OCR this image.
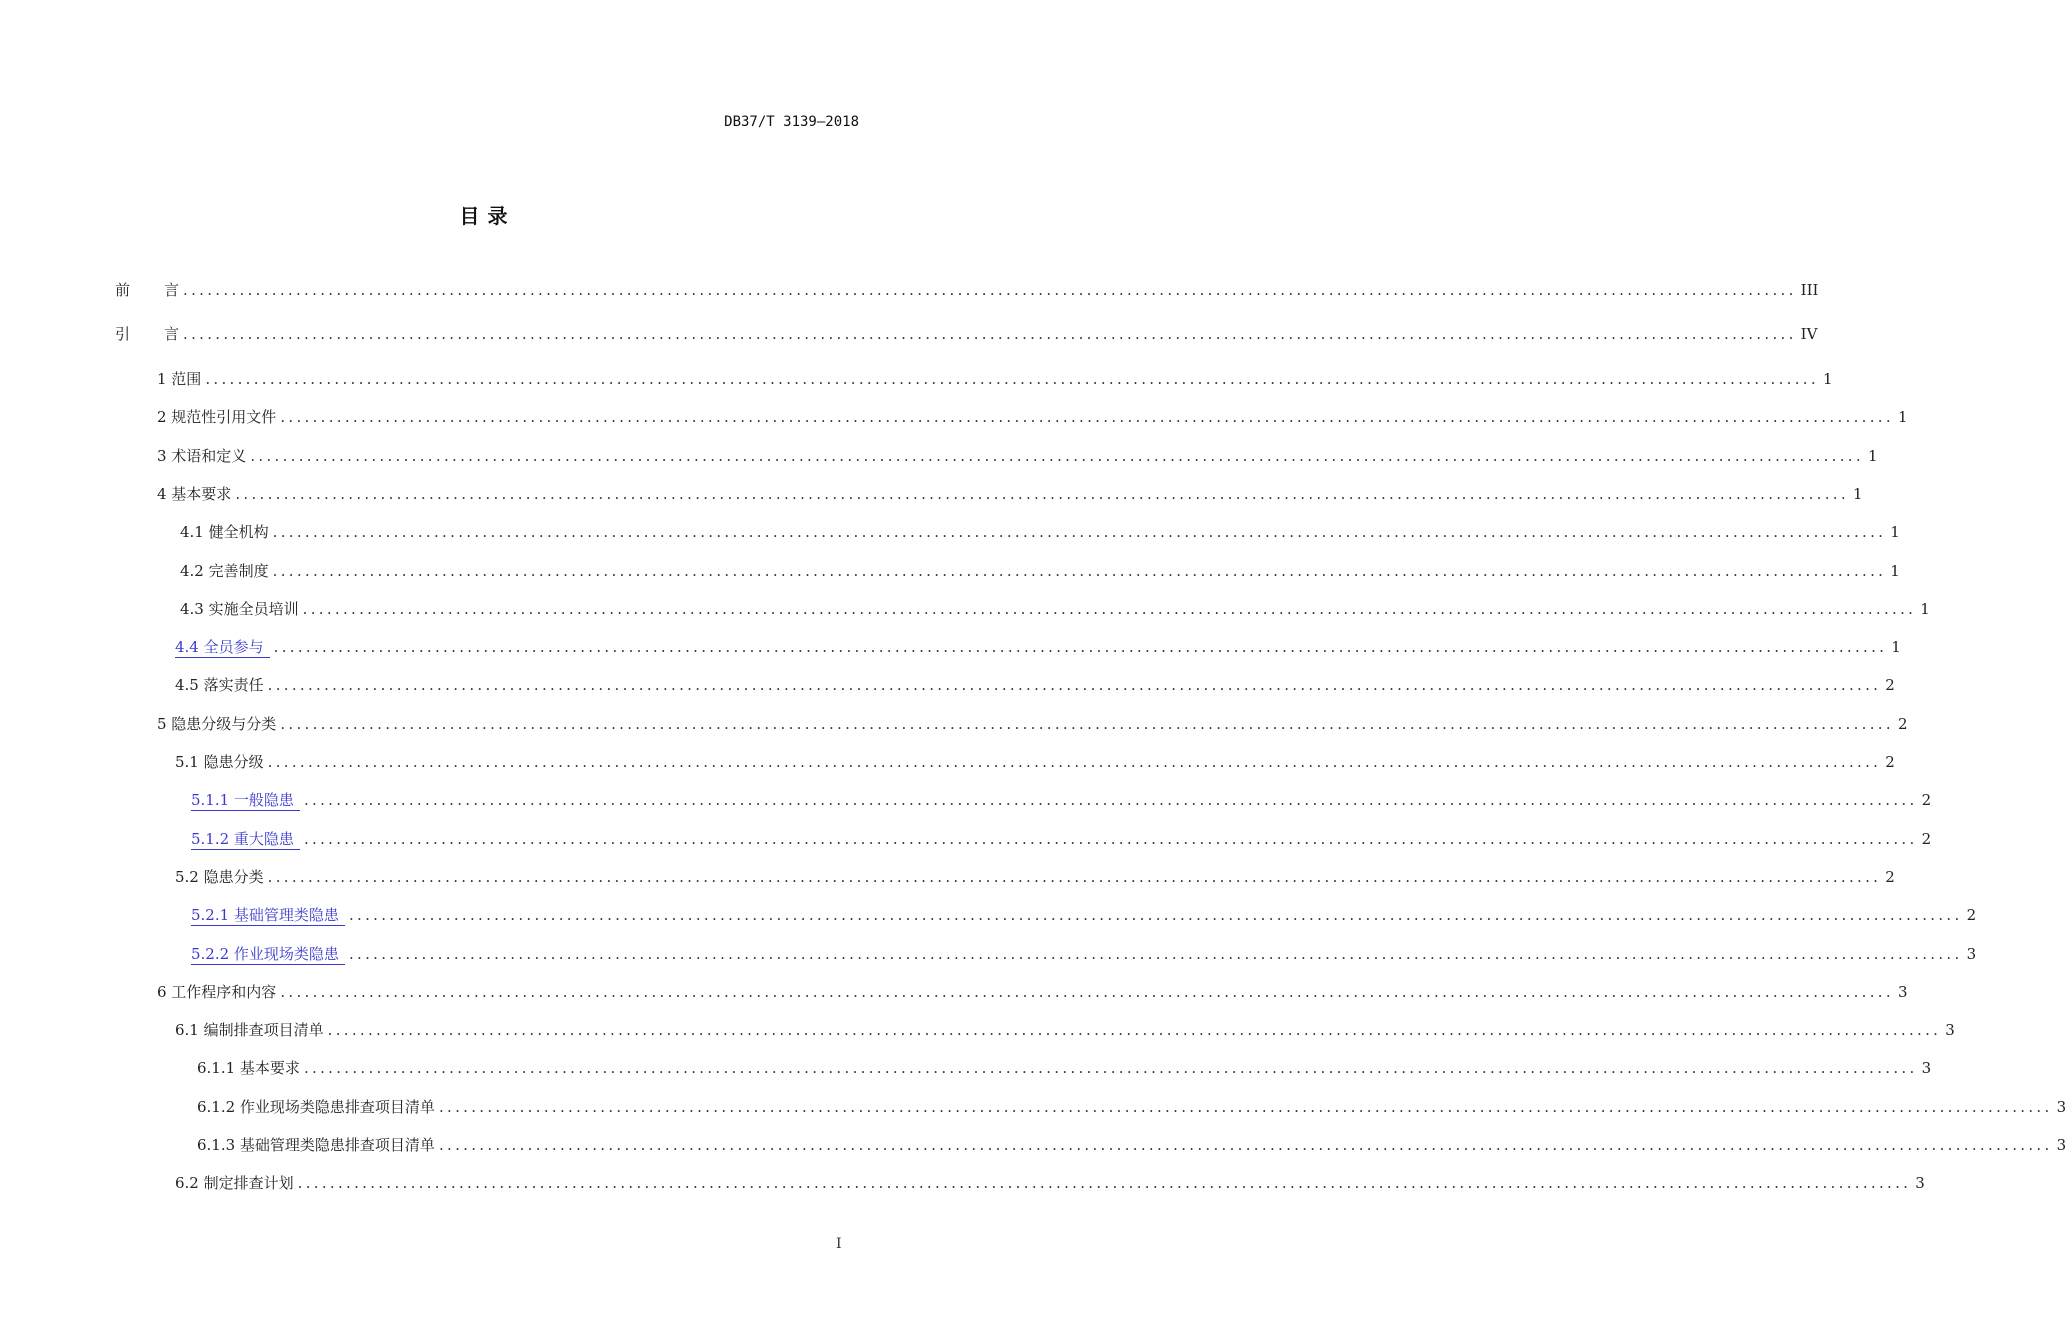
DB37/T 3139—2018
目录
前 言 ........................................................................................................................................................................................................ III
引 言 ........................................................................................................................................................................................................ IV
1 范围 ........................................................................................................................................................................................................ 1
2 规范性引用文件 ........................................................................................................................................................................................................ 1
3 术语和定义 ........................................................................................................................................................................................................ 1
4 基本要求 ........................................................................................................................................................................................................ 1
4.1 健全机构 ........................................................................................................................................................................................................ 1
4.2 完善制度 ........................................................................................................................................................................................................ 1
4.3 实施全员培训 ........................................................................................................................................................................................................ 1
4.4 全员参与 ........................................................................................................................................................................................................ 1
4.5 落实责任 ........................................................................................................................................................................................................ 2
5 隐患分级与分类 ........................................................................................................................................................................................................ 2
5.1 隐患分级 ........................................................................................................................................................................................................ 2
5.1.1 一般隐患 ........................................................................................................................................................................................................ 2
5.1.2 重大隐患 ........................................................................................................................................................................................................ 2
5.2 隐患分类 ........................................................................................................................................................................................................ 2
5.2.1 基础管理类隐患 ........................................................................................................................................................................................................ 2
5.2.2 作业现场类隐患 ........................................................................................................................................................................................................ 3
6 工作程序和内容 ........................................................................................................................................................................................................ 3
6.1 编制排查项目清单 ........................................................................................................................................................................................................ 3
6.1.1 基本要求 ........................................................................................................................................................................................................ 3
6.1.2 作业现场类隐患排查项目清单 ........................................................................................................................................................................................................ 3
6.1.3 基础管理类隐患排查项目清单 ........................................................................................................................................................................................................ 3
6.2 制定排查计划 ........................................................................................................................................................................................................ 3
I
